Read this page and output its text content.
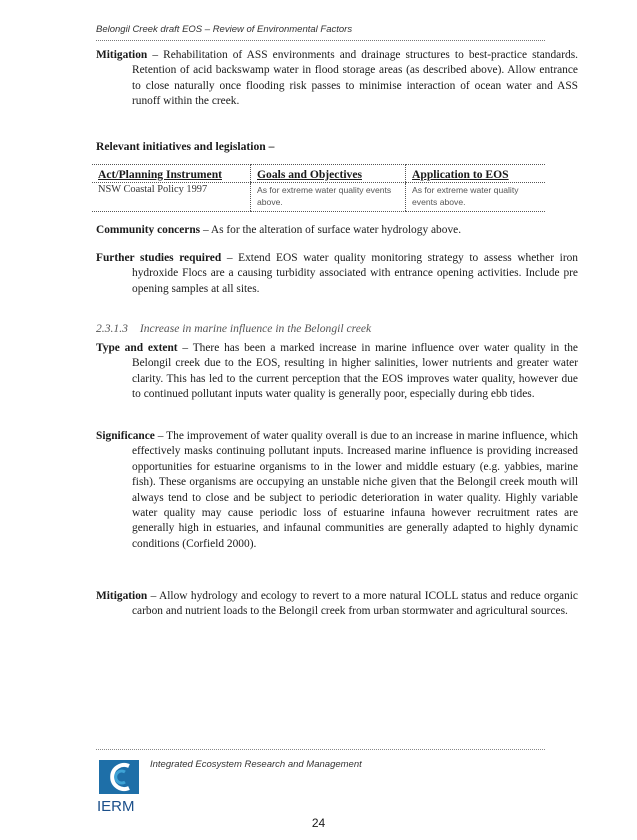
Belongil Creek draft EOS – Review of Environmental Factors
Mitigation – Rehabilitation of ASS environments and drainage structures to best-practice standards. Retention of acid backswamp water in flood storage areas (as described above). Allow entrance to close naturally once flooding risk passes to minimise interaction of ocean water and ASS runoff within the creek.
Relevant initiatives and legislation –
Act/Planning Instrument	Goals and Objectives	Application to EOS
NSW Coastal Policy 1997	As for extreme water quality events above.	As for extreme water quality events above.
Community concerns – As for the alteration of surface water hydrology above.
Further studies required – Extend EOS water quality monitoring strategy to assess whether iron hydroxide Flocs are a causing turbidity associated with entrance opening activities. Include pre opening samples at all sites.
2.3.1.3 Increase in marine influence in the Belongil creek
Type and extent – There has been a marked increase in marine influence over water quality in the Belongil creek due to the EOS, resulting in higher salinities, lower nutrients and greater water clarity. This has led to the current perception that the EOS improves water quality, however due to continued pollutant inputs water quality is generally poor, especially during ebb tides.
Significance – The improvement of water quality overall is due to an increase in marine influence, which effectively masks continuing pollutant inputs. Increased marine influence is providing increased opportunities for estuarine organisms to in the lower and middle estuary (e.g. yabbies, marine fish). These organisms are occupying an unstable niche given that the Belongil creek mouth will always tend to close and be subject to periodic deterioration in water quality. Highly variable water quality may cause periodic loss of estuarine infauna however recruitment rates are generally high in estuaries, and infaunal communities are generally adapted to highly dynamic conditions (Corfield 2000).
Mitigation – Allow hydrology and ecology to revert to a more natural ICOLL status and reduce organic carbon and nutrient loads to the Belongil creek from urban stormwater and agricultural sources.
IERM
Integrated Ecosystem Research and Management
24
